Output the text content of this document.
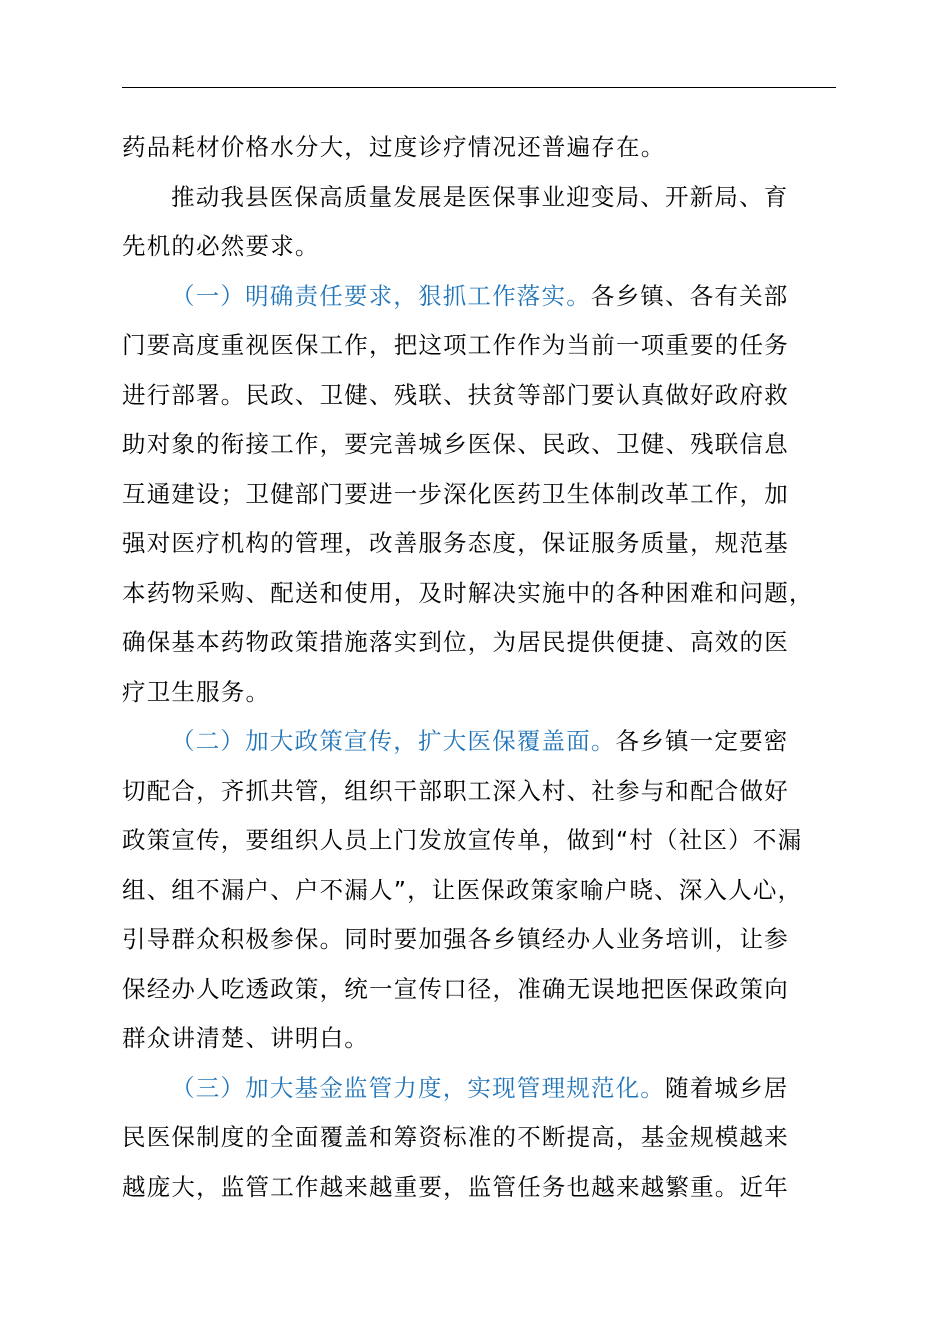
药品耗材价格水分大，过度诊疗情况还普遍存在。
推动我县医保高质量发展是医保事业迎变局、开新局、育
先机的必然要求。
（一）明确责任要求，狠抓工作落实。各乡镇、各有关部
门要高度重视医保工作，把这项工作作为当前一项重要的任务
进行部署。民政、卫健、残联、扶贫等部门要认真做好政府救
助对象的衔接工作，要完善城乡医保、民政、卫健、残联信息
互通建设；卫健部门要进一步深化医药卫生体制改革工作，加
强对医疗机构的管理，改善服务态度，保证服务质量，规范基
本药物采购、配送和使用，及时解决实施中的各种困难和问题，
确保基本药物政策措施落实到位，为居民提供便捷、高效的医
疗卫生服务。
（二）加大政策宣传，扩大医保覆盖面。各乡镇一定要密
切配合，齐抓共管，组织干部职工深入村、社参与和配合做好
政策宣传，要组织人员上门发放宣传单，做到“村（社区）不漏
组、组不漏户、户不漏人”，让医保政策家喻户晓、深入人心，
引导群众积极参保。同时要加强各乡镇经办人业务培训，让参
保经办人吃透政策，统一宣传口径，准确无误地把医保政策向
群众讲清楚、讲明白。
（三）加大基金监管力度，实现管理规范化。随着城乡居
民医保制度的全面覆盖和筹资标准的不断提高，基金规模越来
越庞大，监管工作越来越重要，监管任务也越来越繁重。近年
